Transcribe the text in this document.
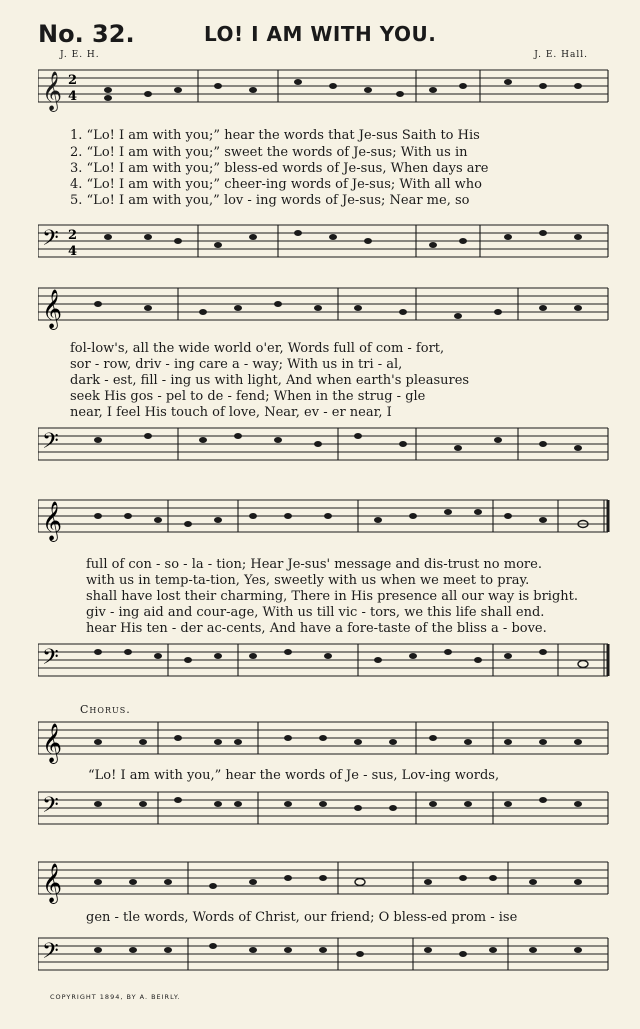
No. 32.	LO! I AM WITH YOU.
J. E. H.	J. E. Hall.
𝄞 2
4
1. “Lo! I am with you;” hear the words that Je-sus Saith to His
2. “Lo! I am with you;” sweet the words of Je-sus; With us in
3. “Lo! I am with you;” bless-ed words of Je-sus, When days are
4. “Lo! I am with you;” cheer-ing words of Je-sus; With all who
5. “Lo! I am with you,” lov - ing words of Je-sus; Near me, so
𝄢 2
4
𝄞
fol-low's, all the wide world o'er, Words full of com - fort,
sor - row, driv - ing care a - way; With us in tri - al,
dark - est, fill - ing us with light, And when earth's pleasures
seek His gos - pel to de - fend; When in the strug - gle
near, I feel His touch of love, Near, ev - er near, I
𝄢
𝄞
full of con - so - la - tion; Hear Je-sus' message and dis-trust no more.
with us in temp-ta-tion, Yes, sweetly with us when we meet to pray.
shall have lost their charming, There in His presence all our way is bright.
giv - ing aid and cour-age, With us till vic - tors, we this life shall end.
hear His ten - der ac-cents, And have a fore-taste of the bliss a - bove.
𝄢
Chorus.
𝄞
“Lo! I am with you,” hear the words of Je - sus, Lov-ing words,
𝄢
𝄞
gen - tle words, Words of Christ, our friend; O bless-ed prom - ise
𝄢
COPYRIGHT 1894, BY A. BEIRLY.
